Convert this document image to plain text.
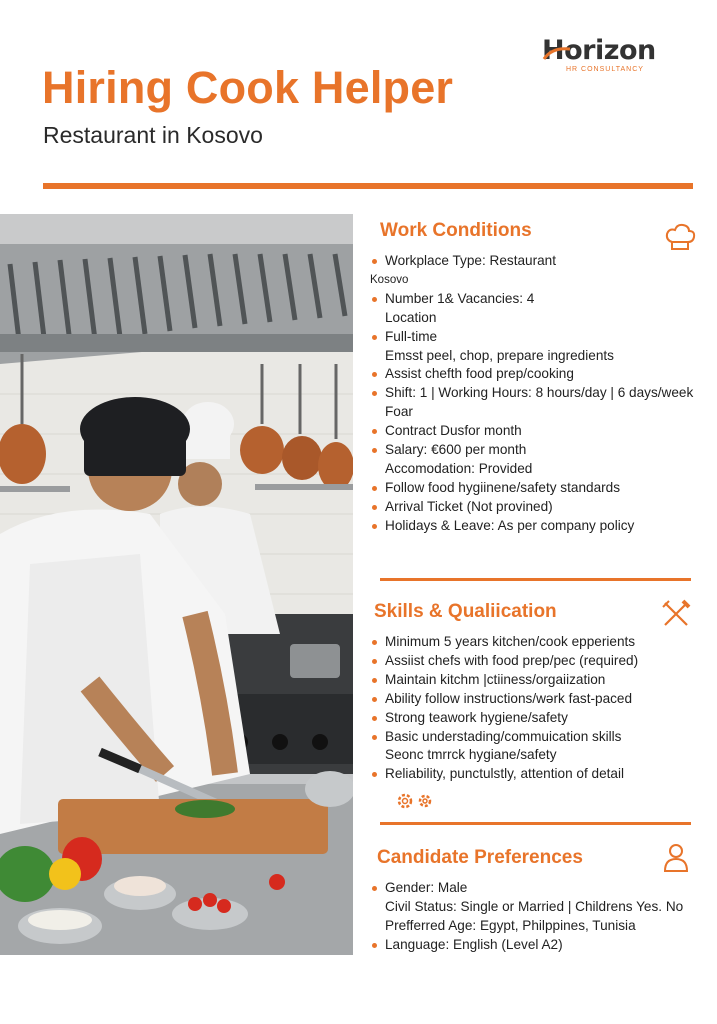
Hiring Cook Helper
Restaurant in Kosovo
Horizon
HR CONSULTANCY
Work Conditions
Workplace Type: Restaurant
Kosovo
Number 1& Vacancies: 4
Location
Full-time
Emsst peel, chop, prepare ingredients
Assist chefth food prep/cooking
Shift: 1 | Working Hours: 8 hours/day | 6 days/week
Foar
Contract Dusfor month
Salary: €600 per month
Accomodation: Provided
Follow food hygiinene/safety standards
Arrival Ticket (Not provined)
Holidays & Leave: As per company policy
Skills & Qualiication
Minimum 5 years kitchen/cook epperients
Assiist chefs with food prep/pec (required)
Maintain kitchm |ctiiness/orgaiization
Ability follow instructions/wərk fast-paced
Strong teawork hygiene/safety
Basic understading/commuication skills
Seonc tmrrck hygiane/safety
Reliability, punctulstly, attention of detail
Candidate Preferences
Gender: Male
Civil Status: Single or Married | Childrens Yes. No
Prefferred Age: Egypt, Philppines, Tunisia
Language: English (Level A2)
